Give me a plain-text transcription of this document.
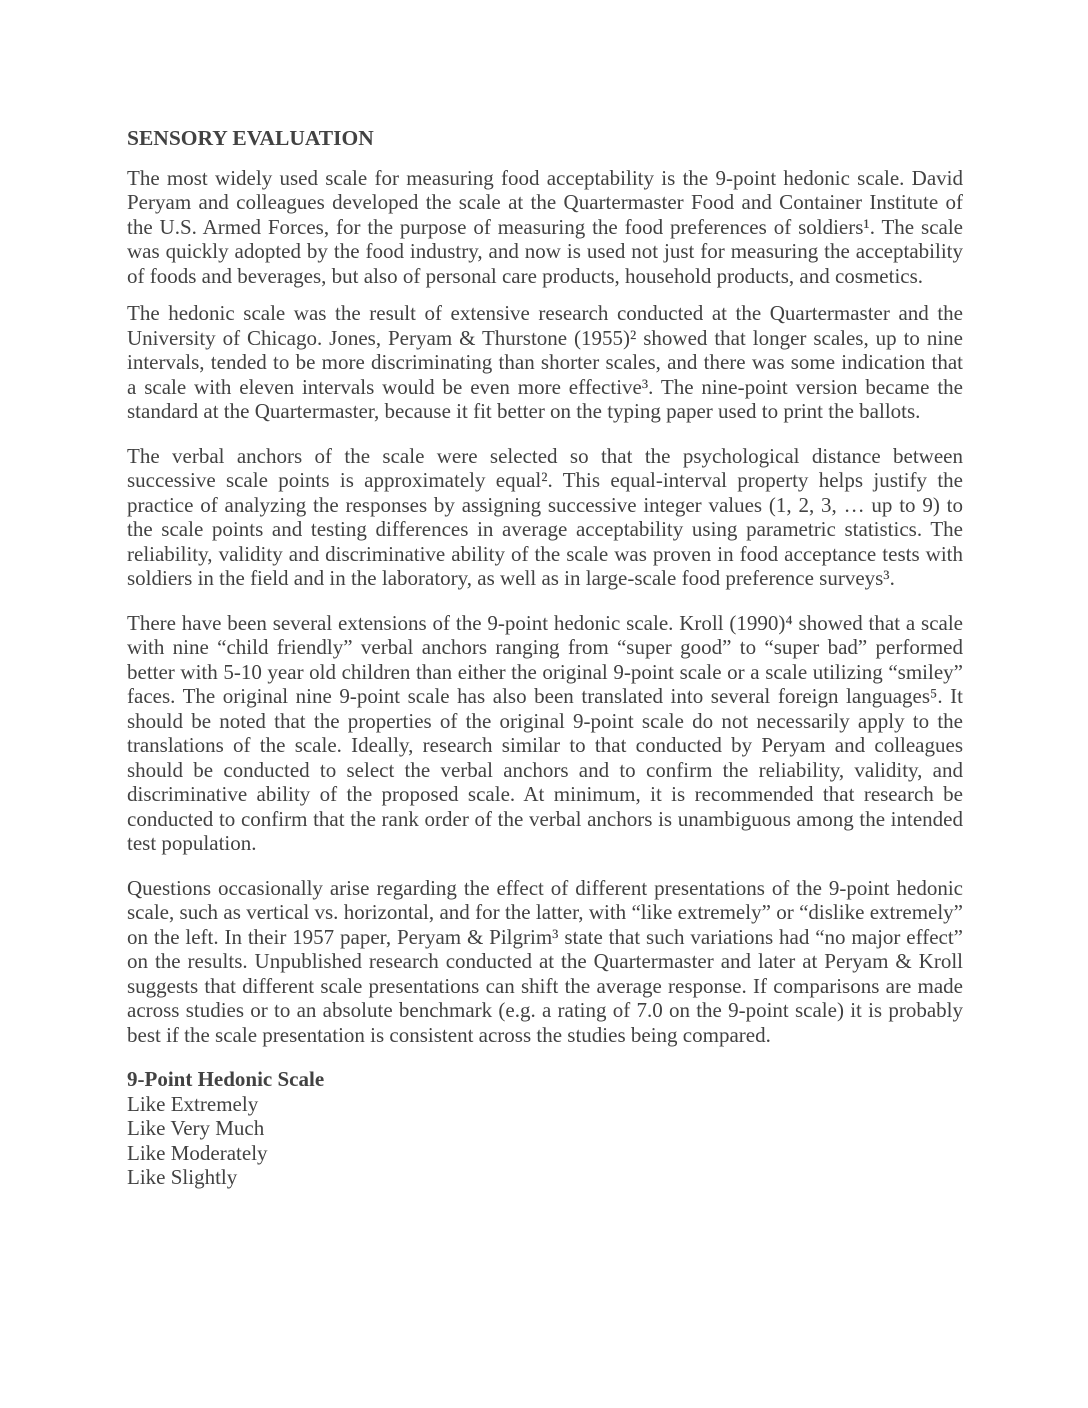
SENSORY EVALUATION

The most widely used scale for measuring food acceptability is the 9-point hedonic scale. David Peryam and colleagues developed the scale at the Quartermaster Food and Container Institute of the U.S. Armed Forces, for the purpose of measuring the food preferences of soldiers¹. The scale was quickly adopted by the food industry, and now is used not just for measuring the acceptability of foods and beverages, but also of personal care products, household products, and cosmetics.

The hedonic scale was the result of extensive research conducted at the Quartermaster and the University of Chicago. Jones, Peryam & Thurstone (1955)² showed that longer scales, up to nine intervals, tended to be more discriminating than shorter scales, and there was some indication that a scale with eleven intervals would be even more effective³. The nine-point version became the standard at the Quartermaster, because it fit better on the typing paper used to print the ballots.

The verbal anchors of the scale were selected so that the psychological distance between successive scale points is approximately equal². This equal-interval property helps justify the practice of analyzing the responses by assigning successive integer values (1, 2, 3, … up to 9) to the scale points and testing differences in average acceptability using parametric statistics. The reliability, validity and discriminative ability of the scale was proven in food acceptance tests with soldiers in the field and in the laboratory, as well as in large-scale food preference surveys³.

There have been several extensions of the 9-point hedonic scale. Kroll (1990)⁴ showed that a scale with nine “child friendly” verbal anchors ranging from “super good” to “super bad” performed better with 5-10 year old children than either the original 9-point scale or a scale utilizing “smiley” faces. The original nine 9-point scale has also been translated into several foreign languages⁵. It should be noted that the properties of the original 9-point scale do not necessarily apply to the translations of the scale. Ideally, research similar to that conducted by Peryam and colleagues should be conducted to select the verbal anchors and to confirm the reliability, validity, and discriminative ability of the proposed scale. At minimum, it is recommended that research be conducted to confirm that the rank order of the verbal anchors is unambiguous among the intended test population.

Questions occasionally arise regarding the effect of different presentations of the 9-point hedonic scale, such as vertical vs. horizontal, and for the latter, with “like extremely” or “dislike extremely” on the left. In their 1957 paper, Peryam & Pilgrim³ state that such variations had “no major effect” on the results. Unpublished research conducted at the Quartermaster and later at Peryam & Kroll suggests that different scale presentations can shift the average response. If comparisons are made across studies or to an absolute benchmark (e.g. a rating of 7.0 on the 9-point scale) it is probably best if the scale presentation is consistent across the studies being compared.

9-Point Hedonic Scale
Like Extremely
Like Very Much
Like Moderately
Like Slightly
